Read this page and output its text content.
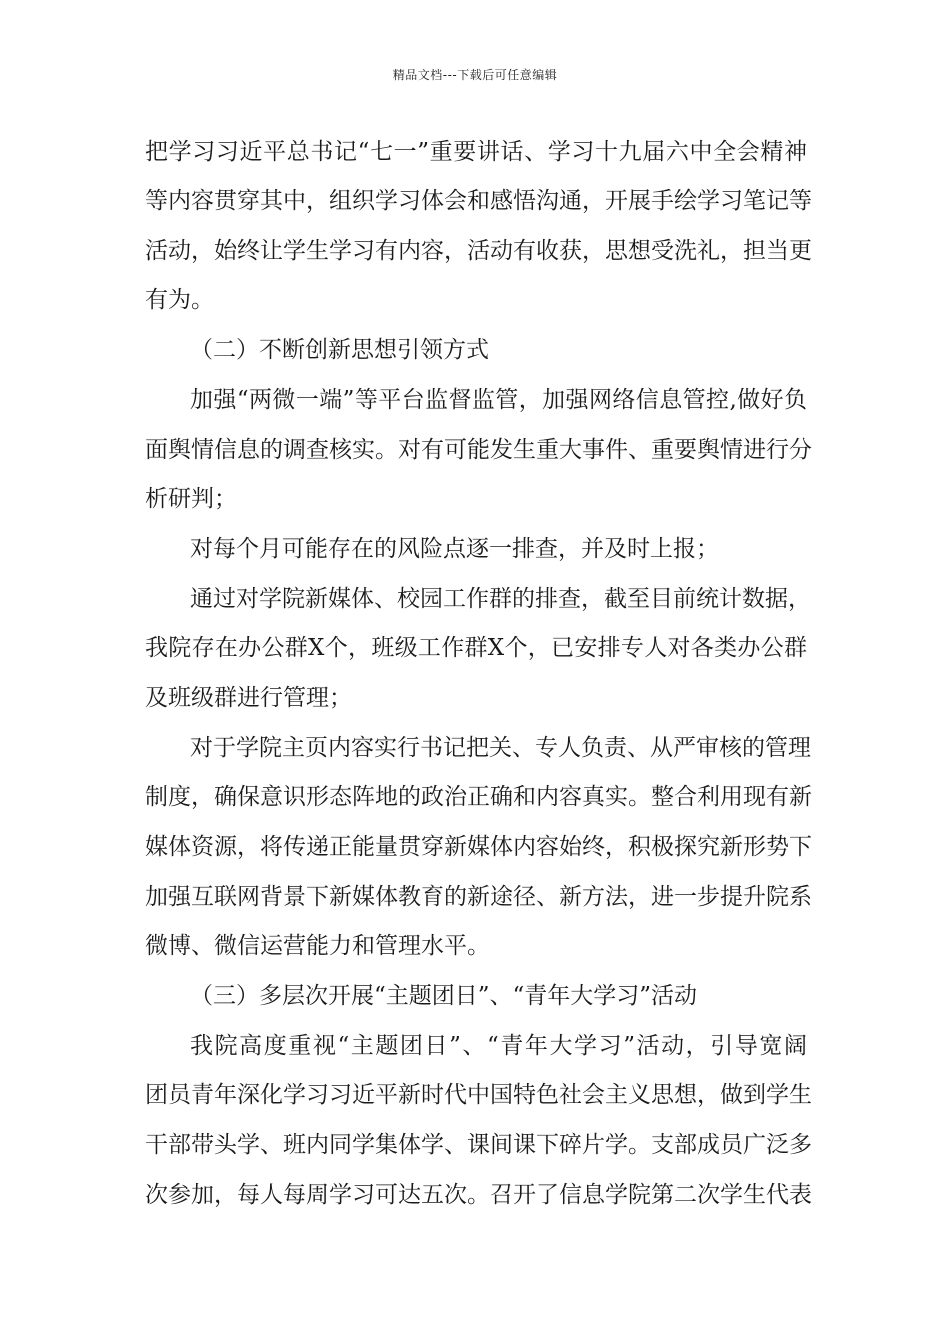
精品文档---下载后可任意编辑
把学习习近平总书记“七一”重要讲话、学习十九届六中全会精神
等内容贯穿其中，组织学习体会和感悟沟通，开展手绘学习笔记等
活动，始终让学生学习有内容，活动有收获，思想受洗礼，担当更
有为。
（二）不断创新思想引领方式
加强“两微一端”等平台监督监管，加强网络信息管控,做好负
面舆情信息的调查核实。对有可能发生重大事件、重要舆情进行分
析研判；
对每个月可能存在的风险点逐一排查，并及时上报；
通过对学院新媒体、校园工作群的排查，截至目前统计数据，
我院存在办公群X个，班级工作群X个，已安排专人对各类办公群
及班级群进行管理；
对于学院主页内容实行书记把关、专人负责、从严审核的管理
制度，确保意识形态阵地的政治正确和内容真实。整合利用现有新
媒体资源，将传递正能量贯穿新媒体内容始终，积极探究新形势下
加强互联网背景下新媒体教育的新途径、新方法，进一步提升院系
微博、微信运营能力和管理水平。
（三）多层次开展“主题团日”、“青年大学习”活动
我院高度重视“主题团日”、“青年大学习”活动，引导宽阔
团员青年深化学习习近平新时代中国特色社会主义思想，做到学生
干部带头学、班内同学集体学、课间课下碎片学。支部成员广泛多
次参加，每人每周学习可达五次。召开了信息学院第二次学生代表
